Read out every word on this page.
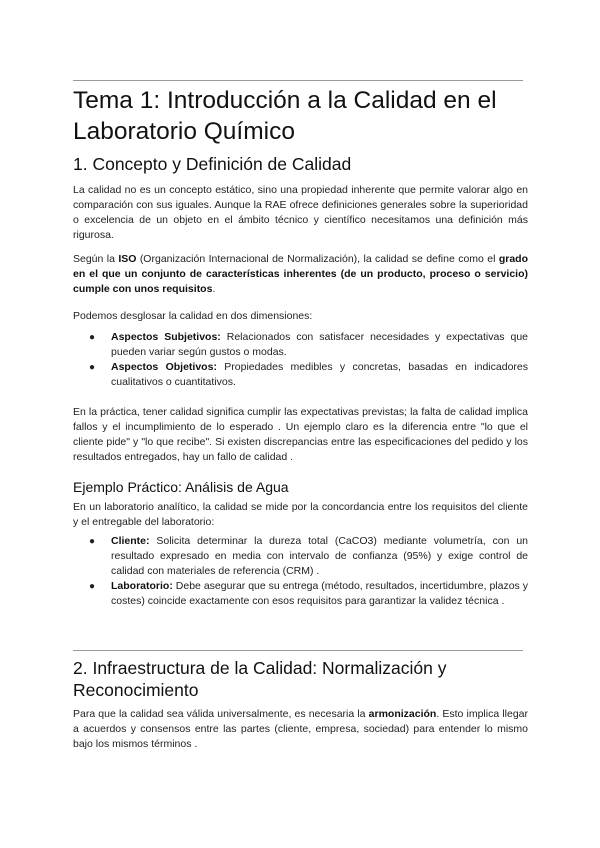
Tema 1: Introducción a la Calidad en el Laboratorio Químico
1. Concepto y Definición de Calidad

La calidad no es un concepto estático, sino una propiedad inherente que permite valorar algo en comparación con sus iguales. Aunque la RAE ofrece definiciones generales sobre la superioridad o excelencia de un objeto en el ámbito técnico y científico necesitamos una definición más rigurosa.

Según la ISO (Organización Internacional de Normalización), la calidad se define como el grado en el que un conjunto de características inherentes (de un producto, proceso o servicio) cumple con unos requisitos.

Podemos desglosar la calidad en dos dimensiones:

● Aspectos Subjetivos: Relacionados con satisfacer necesidades y expectativas que pueden variar según gustos o modas.
● Aspectos Objetivos: Propiedades medibles y concretas, basadas en indicadores cualitativos o cuantitativos.

En la práctica, tener calidad significa cumplir las expectativas previstas; la falta de calidad implica fallos y el incumplimiento de lo esperado . Un ejemplo claro es la diferencia entre "lo que el cliente pide" y "lo que recibe". Si existen discrepancias entre las especificaciones del pedido y los resultados entregados, hay un fallo de calidad .

Ejemplo Práctico: Análisis de Agua

En un laboratorio analítico, la calidad se mide por la concordancia entre los requisitos del cliente y el entregable del laboratorio:

● Cliente: Solicita determinar la dureza total (CaCO3) mediante volumetría, con un resultado expresado en media con intervalo de confianza (95%) y exige control de calidad con materiales de referencia (CRM) .
● Laboratorio: Debe asegurar que su entrega (método, resultados, incertidumbre, plazos y costes) coincide exactamente con esos requisitos para garantizar la validez técnica .
2. Infraestructura de la Calidad: Normalización y Reconocimiento

Para que la calidad sea válida universalmente, es necesaria la armonización. Esto implica llegar a acuerdos y consensos entre las partes (cliente, empresa, sociedad) para entender lo mismo bajo los mismos términos .
